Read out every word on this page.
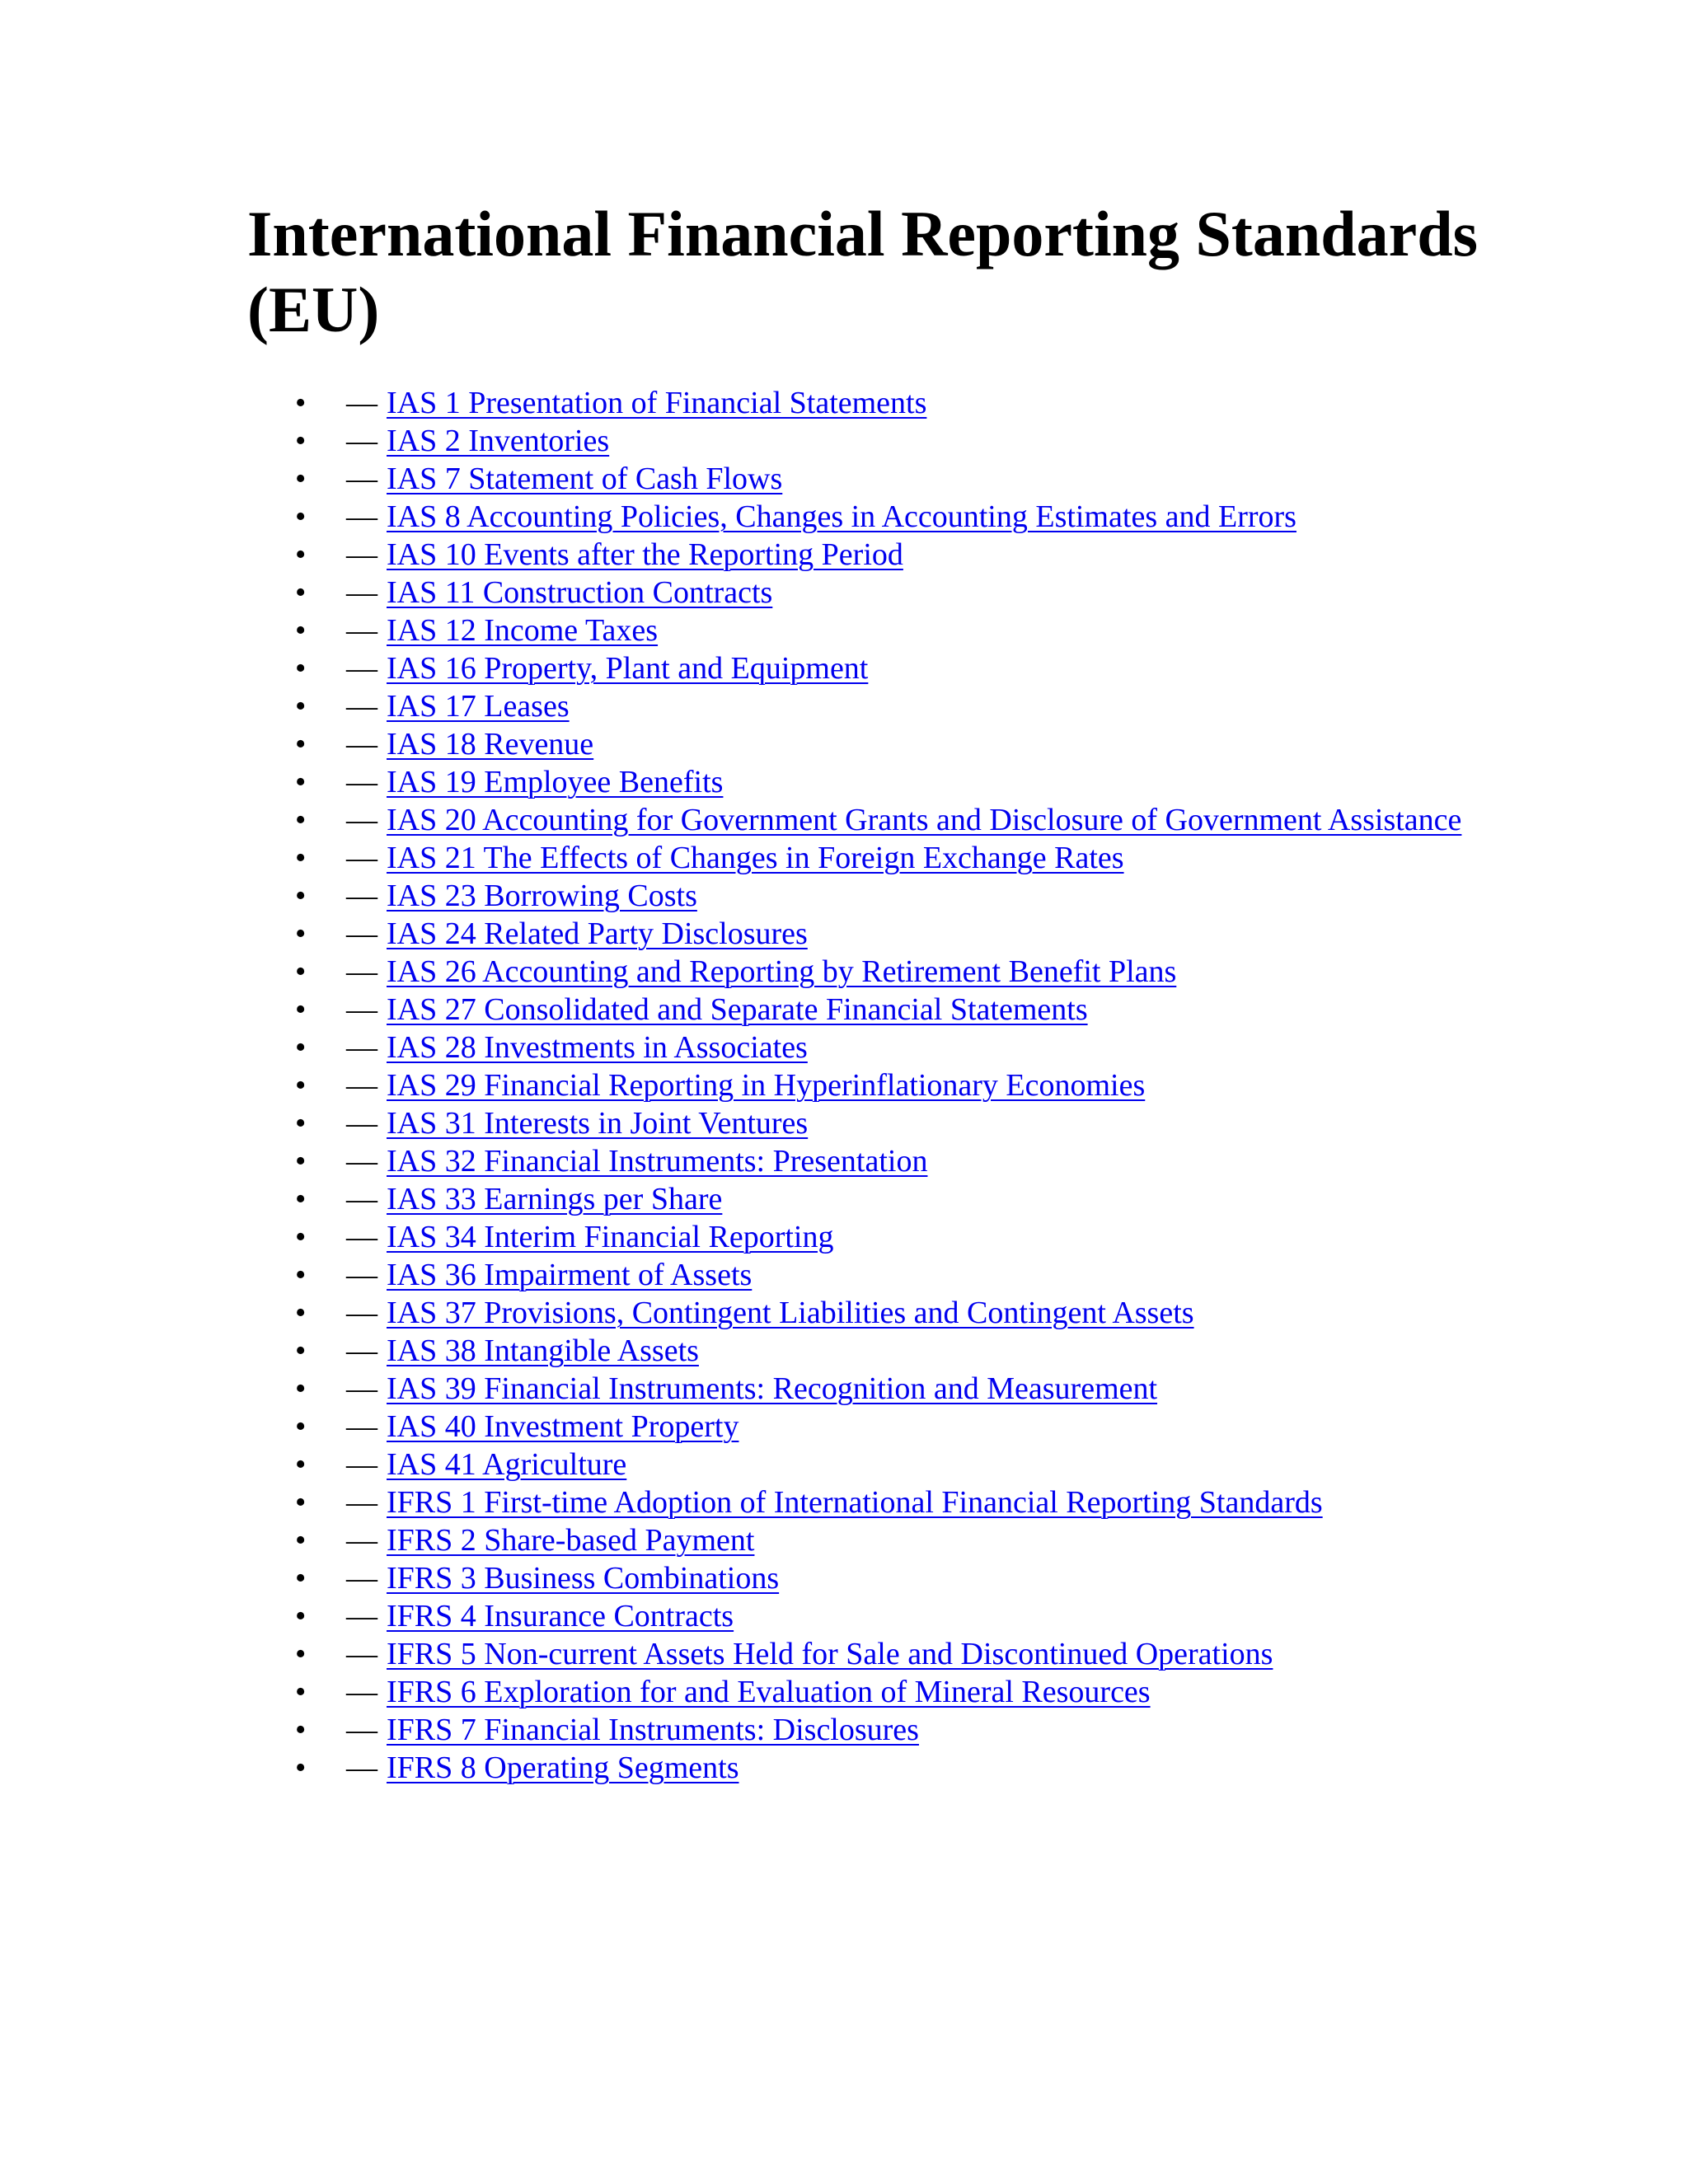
International Financial Reporting Standards (EU)
• — IAS 1 Presentation of Financial Statements
• — IAS 2 Inventories
• — IAS 7 Statement of Cash Flows
• — IAS 8 Accounting Policies, Changes in Accounting Estimates and Errors
• — IAS 10 Events after the Reporting Period
• — IAS 11 Construction Contracts
• — IAS 12 Income Taxes
• — IAS 16 Property, Plant and Equipment
• — IAS 17 Leases
• — IAS 18 Revenue
• — IAS 19 Employee Benefits
• — IAS 20 Accounting for Government Grants and Disclosure of Government Assistance
• — IAS 21 The Effects of Changes in Foreign Exchange Rates
• — IAS 23 Borrowing Costs
• — IAS 24 Related Party Disclosures
• — IAS 26 Accounting and Reporting by Retirement Benefit Plans
• — IAS 27 Consolidated and Separate Financial Statements
• — IAS 28 Investments in Associates
• — IAS 29 Financial Reporting in Hyperinflationary Economies
• — IAS 31 Interests in Joint Ventures
• — IAS 32 Financial Instruments: Presentation
• — IAS 33 Earnings per Share
• — IAS 34 Interim Financial Reporting
• — IAS 36 Impairment of Assets
• — IAS 37 Provisions, Contingent Liabilities and Contingent Assets
• — IAS 38 Intangible Assets
• — IAS 39 Financial Instruments: Recognition and Measurement
• — IAS 40 Investment Property
• — IAS 41 Agriculture
• — IFRS 1 First-time Adoption of International Financial Reporting Standards
• — IFRS 2 Share-based Payment
• — IFRS 3 Business Combinations
• — IFRS 4 Insurance Contracts
• — IFRS 5 Non-current Assets Held for Sale and Discontinued Operations
• — IFRS 6 Exploration for and Evaluation of Mineral Resources
• — IFRS 7 Financial Instruments: Disclosures
• — IFRS 8 Operating Segments
